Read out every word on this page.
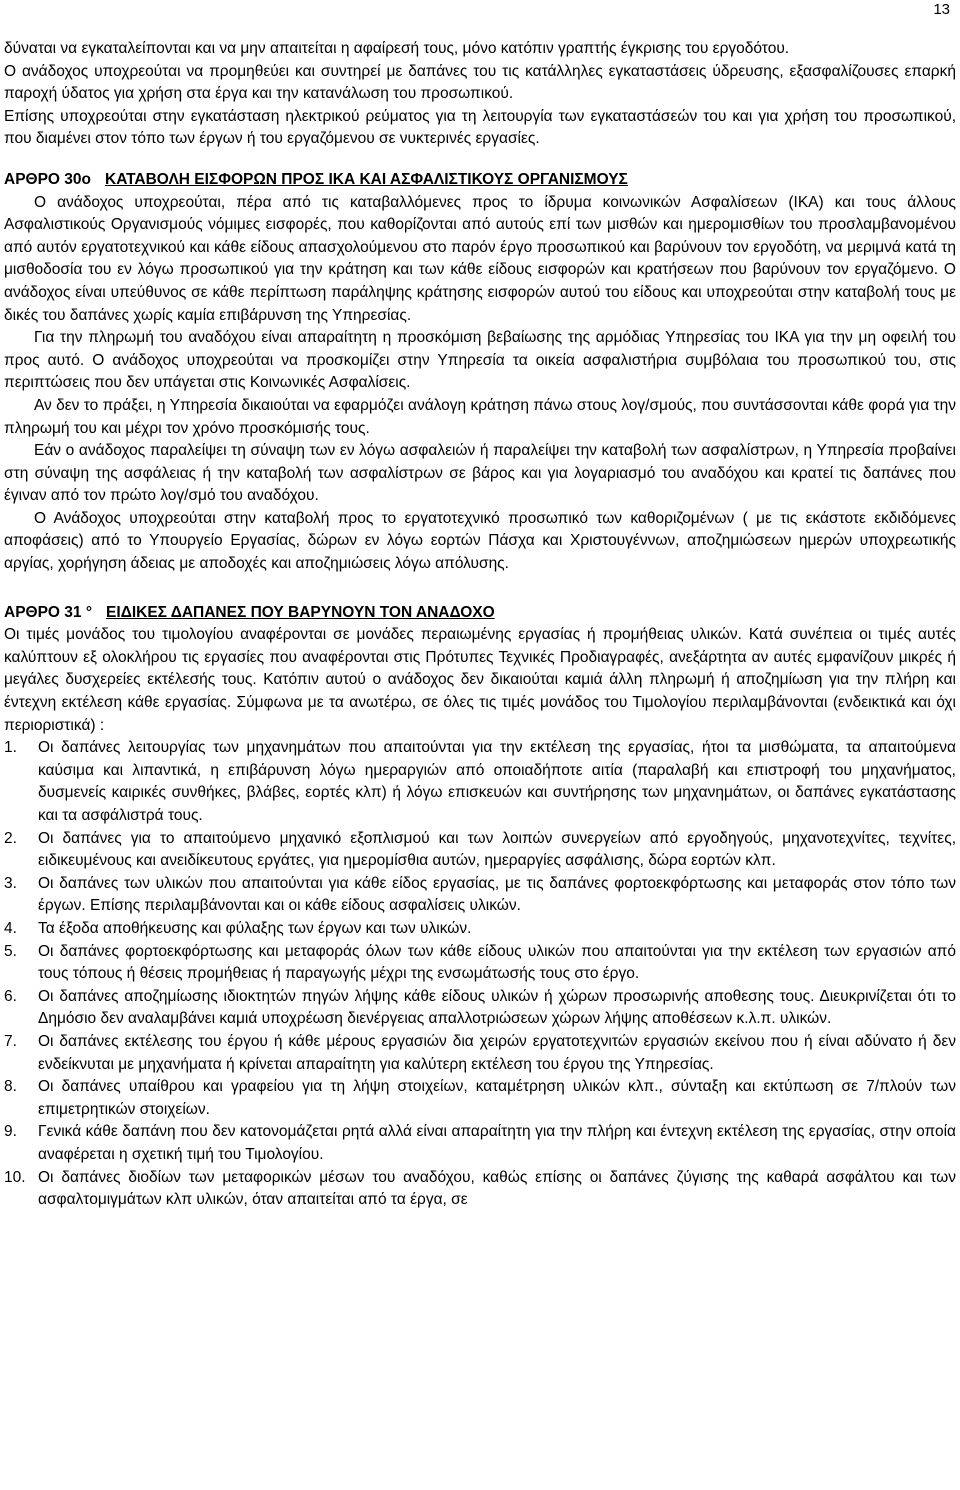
13

δύναται να εγκαταλείπονται και να μην απαιτείται η αφαίρεσή τους, μόνο κατόπιν γραπτής έγκρισης του εργοδότου.

Ο ανάδοχος υποχρεούται να προμηθεύει και συντηρεί με δαπάνες του τις κατάλληλες εγκαταστάσεις ύδρευσης, εξασφαλίζουσες επαρκή παροχή ύδατος για χρήση στα έργα και την κατανάλωση του προσωπικού.

Επίσης υποχρεούται στην εγκατάσταση ηλεκτρικού ρεύματος για τη λειτουργία των εγκαταστάσεών του και για χρήση του προσωπικού, που διαμένει στον τόπο των έργων ή του εργαζόμενου σε νυκτερινές εργασίες.

ΑΡΘΡΟ 30ο ΚΑΤΑΒΟΛΗ ΕΙΣΦΟΡΩΝ ΠΡΟΣ ΙΚΑ ΚΑΙ ΑΣΦΑΛΙΣΤΙΚΟΥΣ ΟΡΓΑΝΙΣΜΟΥΣ

Ο ανάδοχος υποχρεούται, πέρα από τις καταβαλλόμενες προς το ίδρυμα κοινωνικών Ασφαλίσεων (ΙΚΑ) και τους άλλους Ασφαλιστικούς Οργανισμούς νόμιμες εισφορές, που καθορίζονται από αυτούς επί των μισθών και ημερομισθίων του προσλαμβανομένου από αυτόν εργατοτεχνικού και κάθε είδους απασχολούμενου στο παρόν έργο προσωπικού και βαρύνουν τον εργοδότη, να μεριμνά κατά τη μισθοδοσία του εν λόγω προσωπικού για την κράτηση και των κάθε είδους εισφορών και κρατήσεων που βαρύνουν τον εργαζόμενο. Ο ανάδοχος είναι υπεύθυνος σε κάθε περίπτωση παράληψης κράτησης εισφορών αυτού του είδους και υποχρεούται στην καταβολή τους με δικές του δαπάνες χωρίς καμία επιβάρυνση της Υπηρεσίας.

Για την πληρωμή του αναδόχου είναι απαραίτητη η προσκόμιση βεβαίωσης της αρμόδιας Υπηρεσίας του ΙΚΑ για την μη οφειλή του προς αυτό. Ο ανάδοχος υποχρεούται να προσκομίζει στην Υπηρεσία τα οικεία ασφαλιστήρια συμβόλαια του προσωπικού του, στις περιπτώσεις που δεν υπάγεται στις Κοινωνικές Ασφαλίσεις.

Αν δεν το πράξει, η Υπηρεσία δικαιούται να εφαρμόζει ανάλογη κράτηση πάνω στους λογ/σμούς, που συντάσσονται κάθε φορά για την πληρωμή του και μέχρι τον χρόνο προσκόμισής τους.

Εάν ο ανάδοχος παραλείψει τη σύναψη των εν λόγω ασφαλειών ή παραλείψει την καταβολή των ασφαλίστρων, η Υπηρεσία προβαίνει στη σύναψη της ασφάλειας ή την καταβολή των ασφαλίστρων σε βάρος και για λογαριασμό του αναδόχου και κρατεί τις δαπάνες που έγιναν από τον πρώτο λογ/σμό του αναδόχου.

Ο Ανάδοχος υποχρεούται στην καταβολή προς το εργατοτεχνικό προσωπικό των καθοριζομένων ( με τις εκάστοτε εκδιδόμενες αποφάσεις) από το Υπουργείο Εργασίας, δώρων εν λόγω εορτών Πάσχα και Χριστουγέννων, αποζημιώσεων ημερών υποχρεωτικής αργίας, χορήγηση άδειας με αποδοχές και αποζημιώσεις λόγω απόλυσης.

ΑΡΘΡΟ 31 ° ΕΙΔΙΚΕΣ ΔΑΠΑΝΕΣ ΠΟΥ ΒΑΡΥΝΟΥΝ ΤΟΝ ΑΝΑΔΟΧΟ

Οι τιμές μονάδος του τιμολογίου αναφέρονται σε μονάδες περαιωμένης εργασίας ή προμήθειας υλικών. Κατά συνέπεια οι τιμές αυτές καλύπτουν εξ ολοκλήρου τις εργασίες που αναφέρονται στις Πρότυπες Τεχνικές Προδιαγραφές, ανεξάρτητα αν αυτές εμφανίζουν μικρές ή μεγάλες δυσχερείες εκτέλεσής τους. Κατόπιν αυτού ο ανάδοχος δεν δικαιούται καμιά άλλη πληρωμή ή αποζημίωση για την πλήρη και έντεχνη εκτέλεση κάθε εργασίας. Σύμφωνα με τα ανωτέρω, σε όλες τις τιμές μονάδος του Τιμολογίου περιλαμβάνονται (ενδεικτικά και όχι περιοριστικά) :

1.	Οι δαπάνες λειτουργίας των μηχανημάτων που απαιτούνται για την εκτέλεση της εργασίας, ήτοι τα μισθώματα, τα απαιτούμενα καύσιμα και λιπαντικά, η επιβάρυνση λόγω ημεραργιών από οποιαδήποτε αιτία (παραλαβή και επιστροφή του μηχανήματος, δυσμενείς καιρικές συνθήκες, βλάβες, εορτές κλπ) ή λόγω επισκευών και συντήρησης των μηχανημάτων, οι δαπάνες εγκατάστασης και τα ασφάλιστρά τους.
2.	Οι δαπάνες για το απαιτούμενο μηχανικό εξοπλισμού και των λοιπών συνεργείων από εργοδηγούς, μηχανοτεχνίτες, τεχνίτες, ειδικευμένους και ανειδίκευτους εργάτες, για ημερομίσθια αυτών, ημεραργίες ασφάλισης, δώρα εορτών κλπ.
3.	Οι δαπάνες των υλικών που απαιτούνται για κάθε είδος εργασίας, με τις δαπάνες φορτοεκφόρτωσης και μεταφοράς στον τόπο των έργων. Επίσης περιλαμβάνονται και οι κάθε είδους ασφαλίσεις υλικών.
4.	Τα έξοδα αποθήκευσης και φύλαξης των έργων και των υλικών.
5.	Οι δαπάνες φορτοεκφόρτωσης και μεταφοράς όλων των κάθε είδους υλικών που απαιτούνται για την εκτέλεση των εργασιών από τους τόπους ή θέσεις προμήθειας ή παραγωγής μέχρι της ενσωμάτωσής τους στο έργο.
6.	Οι δαπάνες αποζημίωσης ιδιοκτητών πηγών λήψης κάθε είδους υλικών ή χώρων προσωρινής αποθεσης τους. Διευκρινίζεται ότι το Δημόσιο δεν αναλαμβάνει καμιά υποχρέωση διενέργειας απαλλοτριώσεων χώρων λήψης αποθέσεων κ.λ.π. υλικών.
7.	Οι δαπάνες εκτέλεσης του έργου ή κάθε μέρους εργασιών δια χειρών εργατοτεχνιτών εργασιών εκείνου που ή είναι αδύνατο ή δεν ενδείκνυται με μηχανήματα ή κρίνεται απαραίτητη για καλύτερη εκτέλεση του έργου της Υπηρεσίας.
8.	Οι δαπάνες υπαίθρου και γραφείου για τη λήψη στοιχείων, καταμέτρηση υλικών κλπ., σύνταξη και εκτύπωση σε 7/πλούν των επιμετρητικών στοιχείων.
9.	Γενικά κάθε δαπάνη που δεν κατονομάζεται ρητά αλλά είναι απαραίτητη για την πλήρη και έντεχνη εκτέλεση της εργασίας, στην οποία αναφέρεται η σχετική τιμή του Τιμολογίου.
10. Οι δαπάνες διοδίων των μεταφορικών μέσων του αναδόχου, καθώς επίσης οι δαπάνες ζύγισης της καθαρά ασφάλτου και των ασφαλτομιγμάτων κλπ υλικών, όταν απαιτείται από τα έργα, σε
